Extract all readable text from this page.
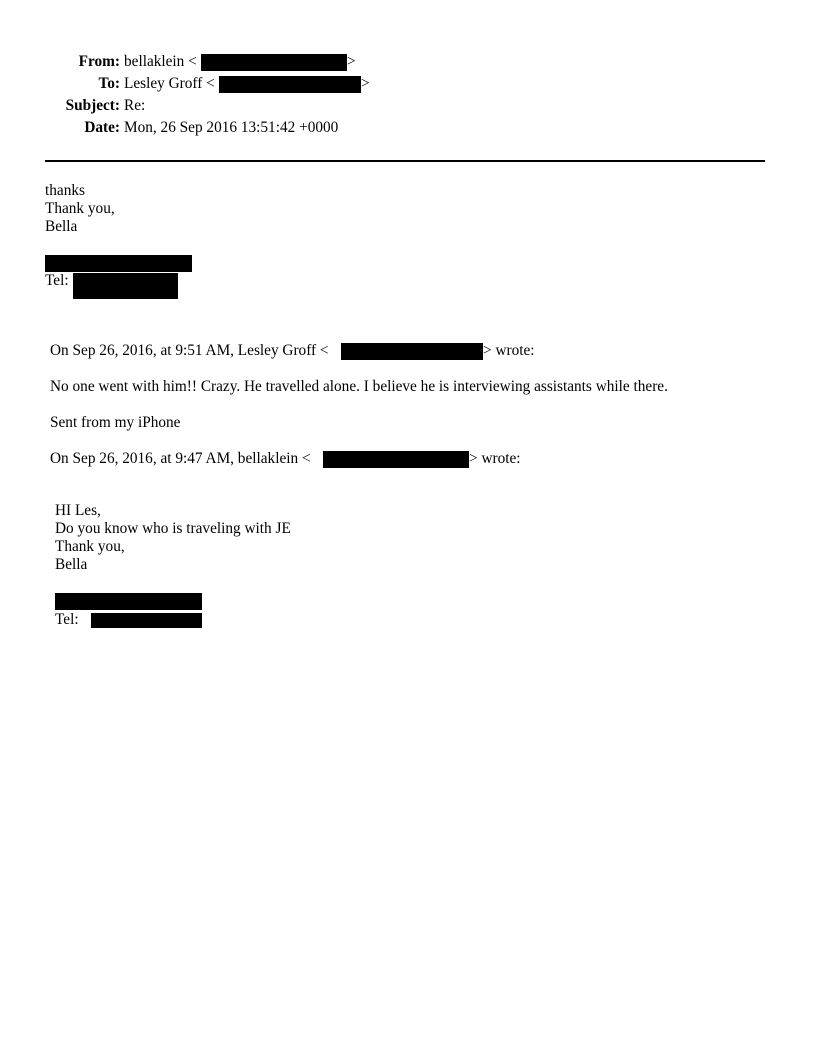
From: bellaklein <	>
To: Lesley Groff <	>
Subject: Re:
Date: Mon, 26 Sep 2016 13:51:42 +0000
thanks
Thank you,
Bella
Tel:
On Sep 26, 2016, at 9:51 AM, Lesley Groff <	> wrote:
No one went with him!! Crazy. He travelled alone. I believe he is interviewing assistants while there.
Sent from my iPhone
On Sep 26, 2016, at 9:47 AM, bellaklein <	> wrote:
HI Les,
Do you know who is traveling with JE
Thank you,
Bella
Tel:
